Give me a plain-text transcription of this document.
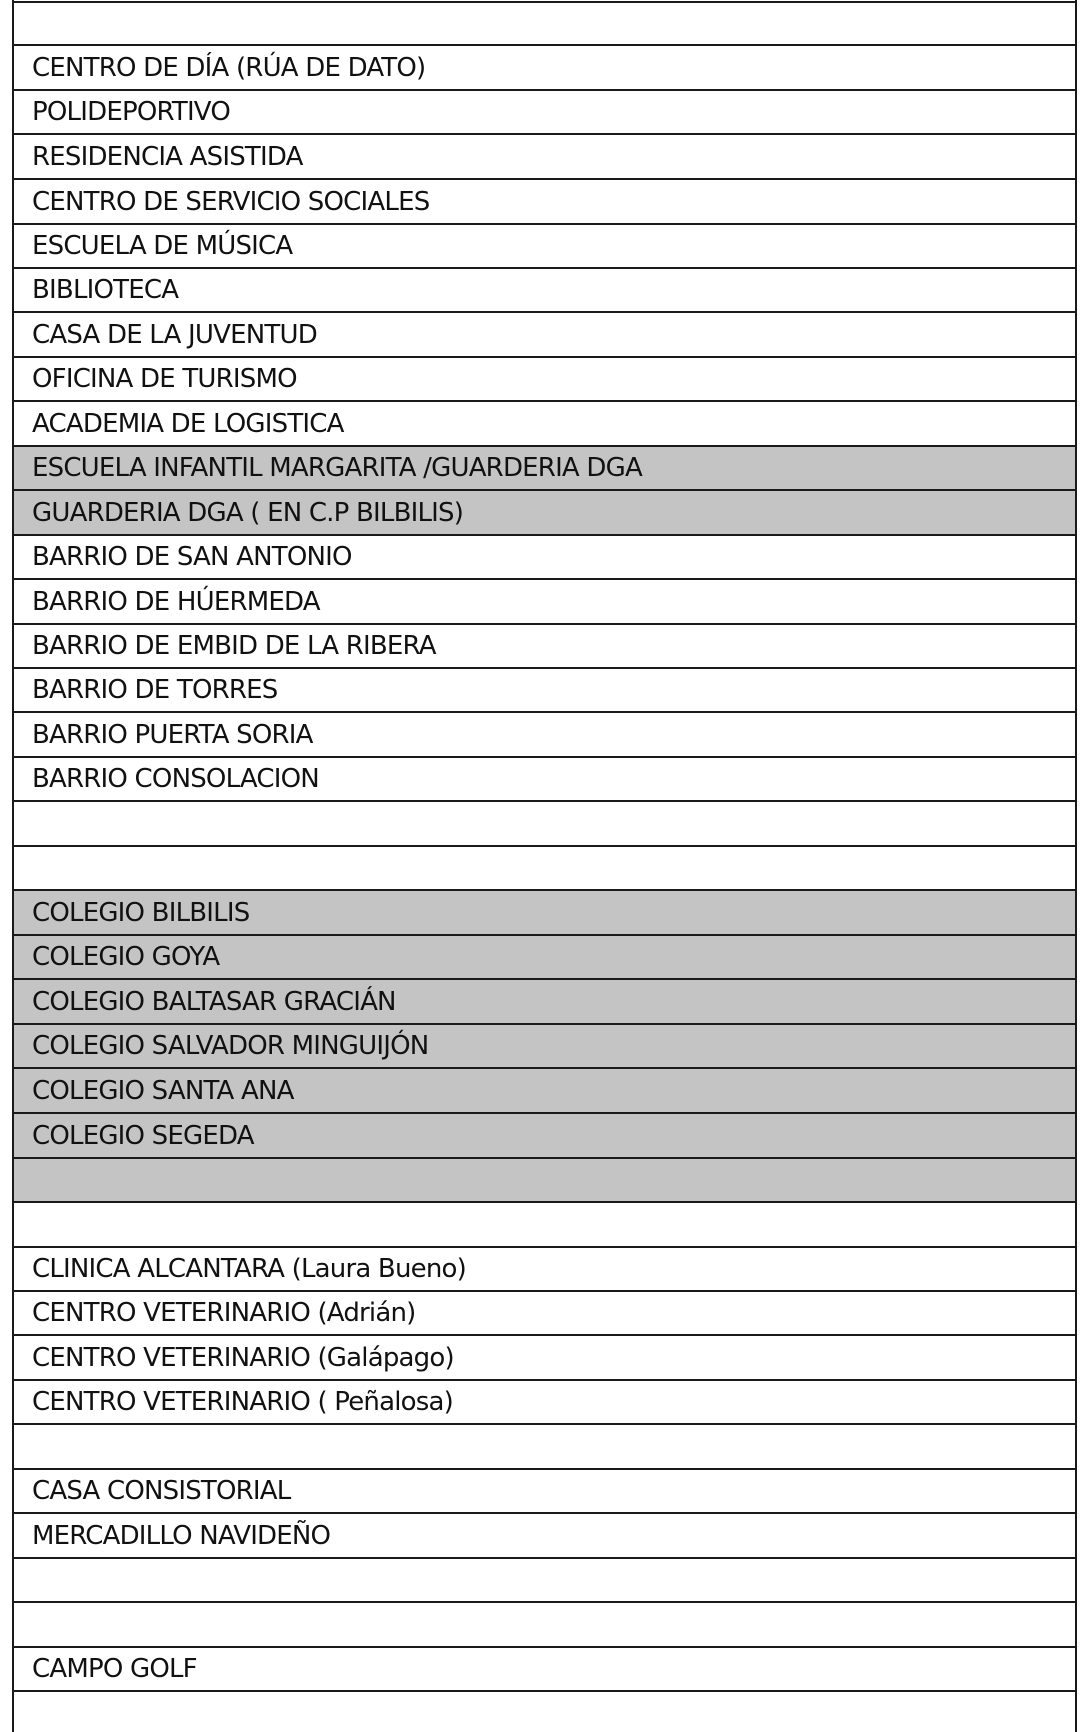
CENTRO DE DÍA (RÚA DE DATO)
POLIDEPORTIVO
RESIDENCIA ASISTIDA
CENTRO DE SERVICIO SOCIALES
ESCUELA DE MÚSICA
BIBLIOTECA
CASA DE LA JUVENTUD
OFICINA DE TURISMO
ACADEMIA DE LOGISTICA
ESCUELA INFANTIL MARGARITA /GUARDERIA DGA
GUARDERIA DGA ( EN C.P BILBILIS)
BARRIO DE SAN ANTONIO
BARRIO DE HÚERMEDA
BARRIO DE EMBID DE LA RIBERA
BARRIO DE TORRES
BARRIO PUERTA SORIA
BARRIO CONSOLACION
COLEGIO BILBILIS
COLEGIO GOYA
COLEGIO BALTASAR GRACIÁN
COLEGIO SALVADOR MINGUIJÓN
COLEGIO SANTA ANA
COLEGIO SEGEDA
CLINICA ALCANTARA (Laura Bueno)
CENTRO VETERINARIO (Adrián)
CENTRO VETERINARIO (Galápago)
CENTRO VETERINARIO ( Peñalosa)
CASA CONSISTORIAL
MERCADILLO NAVIDEÑO
CAMPO GOLF
